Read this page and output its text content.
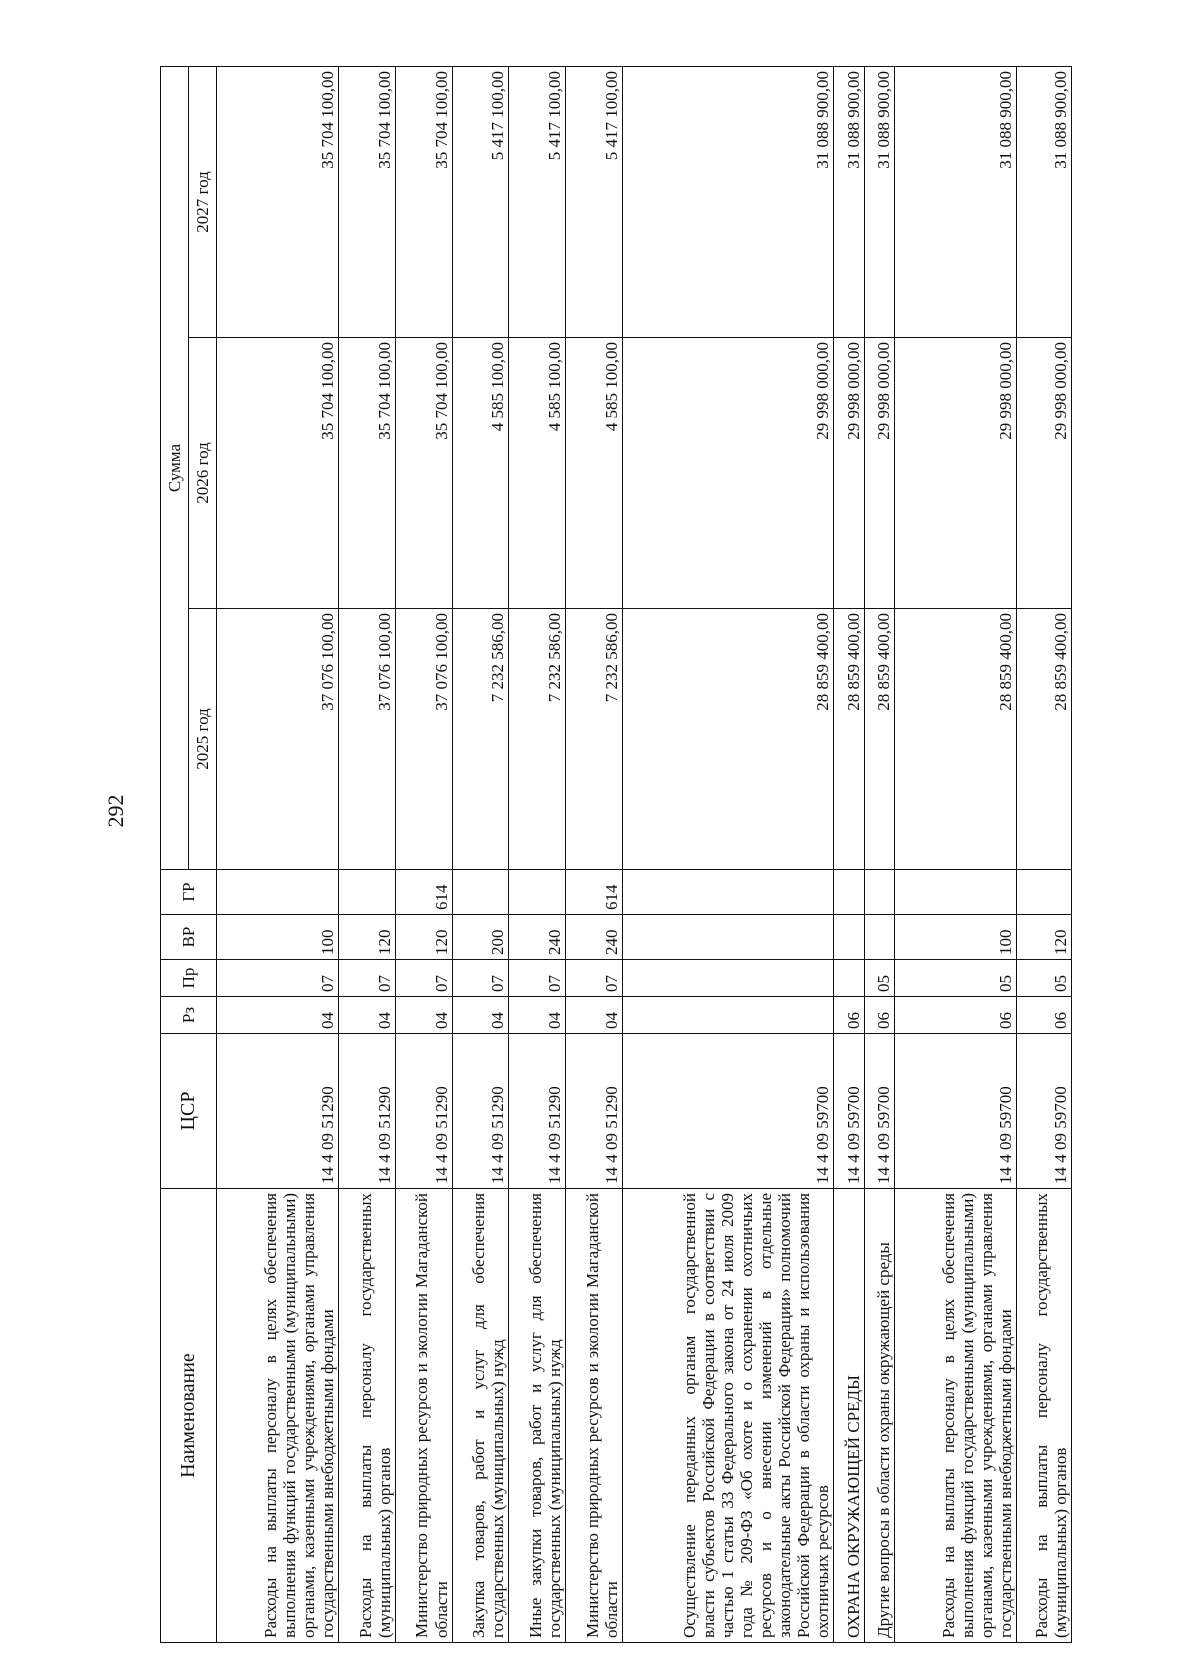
292
Наименование	ЦСР	Рз	Пр	ВР	ГР	Сумма		
						2025 год	2026 год	2027 год
Расходы на выплаты персоналу в целях обеспечения выполнения функций государственными (муниципальными) органами, казенными учреждениями, органами управления государственными внебюджетными фондами	14 4 09 51290	04	07	100		37 076 100,00	35 704 100,00	35 704 100,00
Расходы на выплаты персоналу государственных (муниципальных) органов	14 4 09 51290	04	07	120		37 076 100,00	35 704 100,00	35 704 100,00
Министерство природных ресурсов и экологии Магаданской области	14 4 09 51290	04	07	120	614	37 076 100,00	35 704 100,00	35 704 100,00
Закупка товаров, работ и услуг для обеспечения государственных (муниципальных) нужд	14 4 09 51290	04	07	200		7 232 586,00	4 585 100,00	5 417 100,00
Иные закупки товаров, работ и услуг для обеспечения государственных (муниципальных) нужд	14 4 09 51290	04	07	240		7 232 586,00	4 585 100,00	5 417 100,00
Министерство природных ресурсов и экологии Магаданской области	14 4 09 51290	04	07	240	614	7 232 586,00	4 585 100,00	5 417 100,00
Осуществление переданных органам государственной власти субъектов Российской Федерации в соответствии с частью 1 статьи 33 Федерального закона от 24 июля 2009 года № 209-ФЗ «Об охоте и о сохранении охотничьих ресурсов и о внесении изменений в отдельные законодательные акты Российской Федерации» полномочий Российской Федерации в области охраны и использования охотничьих ресурсов	14 4 09 59700					28 859 400,00	29 998 000,00	31 088 900,00
ОХРАНА ОКРУЖАЮЩЕЙ СРЕДЫ	14 4 09 59700	06				28 859 400,00	29 998 000,00	31 088 900,00
Другие вопросы в области охраны окружающей среды	14 4 09 59700	06	05			28 859 400,00	29 998 000,00	31 088 900,00
Расходы на выплаты персоналу в целях обеспечения выполнения функций государственными (муниципальными) органами, казенными учреждениями, органами управления государственными внебюджетными фондами	14 4 09 59700	06	05	100		28 859 400,00	29 998 000,00	31 088 900,00
Расходы на выплаты персоналу государственных (муниципальных) органов	14 4 09 59700	06	05	120		28 859 400,00	29 998 000,00	31 088 900,00
